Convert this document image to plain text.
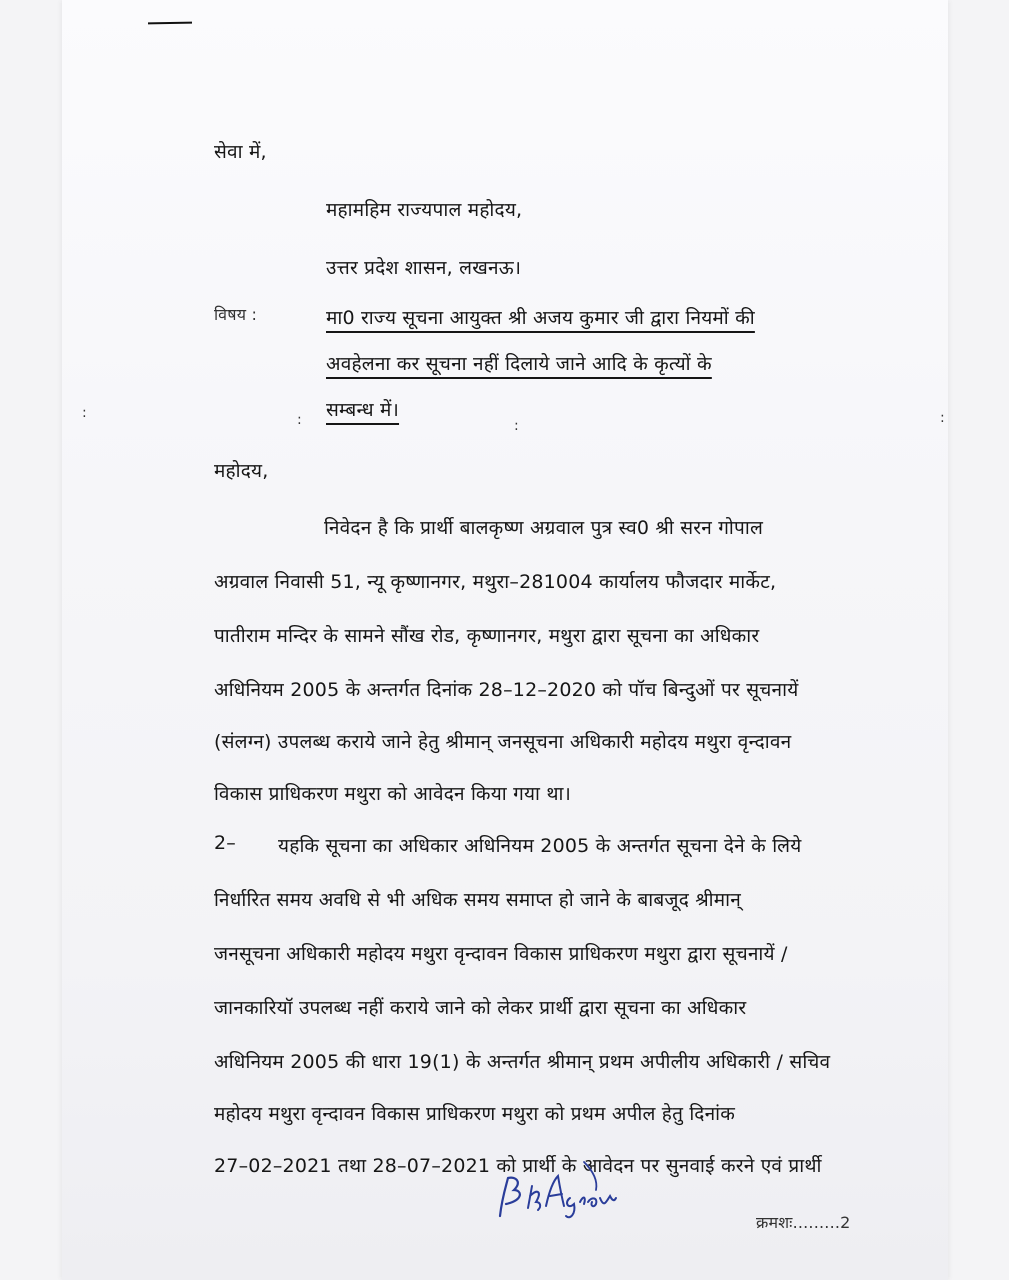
सेवा में,
महामहिम राज्यपाल महोदय,
उत्तर प्रदेश शासन, लखनऊ।
विषय :	मा0 राज्य सूचना आयुक्त श्री अजय कुमार जी द्वारा नियमों की
अवहेलना कर सूचना नहीं दिलाये जाने आदि के कृत्यों के
सम्बन्ध में।
महोदय,
निवेदन है कि प्रार्थी बालकृष्ण अग्रवाल पुत्र स्व0 श्री सरन गोपाल
अग्रवाल निवासी 51, न्यू कृष्णानगर, मथुरा–281004 कार्यालय फौजदार मार्केट,
पातीराम मन्दिर के सामने सौंख रोड, कृष्णानगर, मथुरा द्वारा सूचना का अधिकार
अधिनियम 2005 के अन्तर्गत दिनांक 28–12–2020 को पॉच बिन्दुओं पर सूचनायें
(संलग्न) उपलब्ध कराये जाने हेतु श्रीमान् जनसूचना अधिकारी महोदय मथुरा वृन्दावन
विकास प्राधिकरण मथुरा को आवेदन किया गया था।
2– यहकि सूचना का अधिकार अधिनियम 2005 के अन्तर्गत सूचना देने के लिये
निर्धारित समय अवधि से भी अधिक समय समाप्त हो जाने के बाबजूद श्रीमान्
जनसूचना अधिकारी महोदय मथुरा वृन्दावन विकास प्राधिकरण मथुरा द्वारा सूचनायें /
जानकारियॉ उपलब्ध नहीं कराये जाने को लेकर प्रार्थी द्वारा सूचना का अधिकार
अधिनियम 2005 की धारा 19(1) के अन्तर्गत श्रीमान् प्रथम अपीलीय अधिकारी / सचिव
महोदय मथुरा वृन्दावन विकास प्राधिकरण मथुरा को प्रथम अपील हेतु दिनांक
27–02–2021 तथा 28–07–2021 को प्रार्थी के आवेदन पर सुनवाई करने एवं प्रार्थी
क्रमशः.........2
:	:	:	:
